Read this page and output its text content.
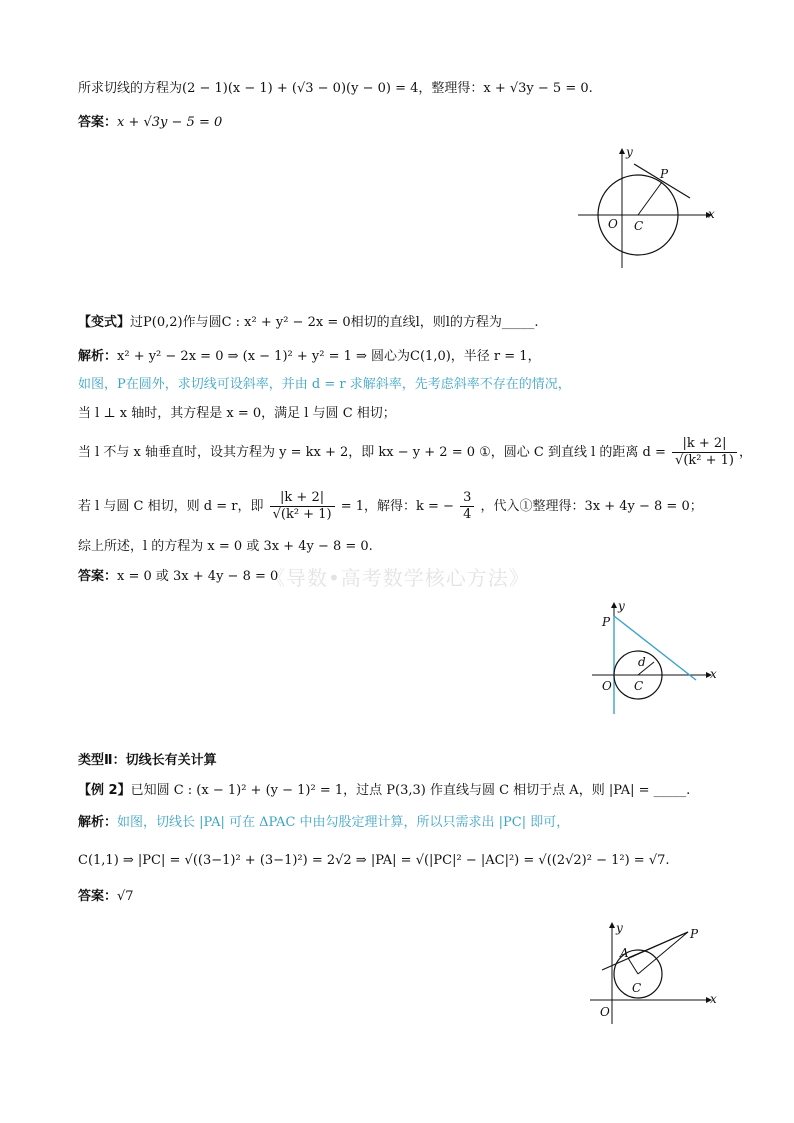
《导数•高考数学核心方法》
所求切线的方程为(2 − 1)(x − 1) + (√3 − 0)(y − 0) = 4，整理得：x + √3y − 5 = 0.
答案：x + √3y − 5 = 0
y
x
O C
P
【变式】过P(0,2)作与圆C : x² + y² − 2x = 0相切的直线l，则l的方程为_____.
解析：x² + y² − 2x = 0 ⇒ (x − 1)² + y² = 1 ⇒ 圆心为C(1,0)，半径 r = 1，
如图，P在圆外，求切线可设斜率，并由 d = r 求解斜率，先考虑斜率不存在的情况，
当 l ⊥ x 轴时，其方程是 x = 0，满足 l 与圆 C 相切；
当 l 不与 x 轴垂直时，设其方程为 y = kx + 2，即 kx − y + 2 = 0 ①，圆心 C 到直线 l 的距离 $d = \frac{|k + 2|}{\text{√(k² + 1)}}$ ，
若 l 与圆 C 相切，则 d = r，即 $\frac{|k + 2|}{\text{√(k² + 1)}} = 1$，解得：k = − $\frac{3}{4}$ ，代入①整理得：3x + 4y − 8 = 0；
综上所述，l 的方程为 x = 0 或 3x + 4y − 8 = 0.
答案：x = 0 或 3x + 4y − 8 = 0
y
x
O C
P
d
类型Ⅱ：切线长有关计算
【例 2】已知圆 C : (x − 1)² + (y − 1)² = 1，过点 P(3,3) 作直线与圆 C 相切于点 A，则 |PA| = _____.
解析：如图，切线长 |PA| 可在 ΔPAC 中由勾股定理计算，所以只需求出 |PC| 即可，
C(1,1) ⇒ |PC| = √((3−1)² + (3−1)²) = 2√2 ⇒ |PA| = √(|PC|² − |AC|²) = √((2√2)² − 1²) = √7.
答案：√7
y
x
O
C
P
A
